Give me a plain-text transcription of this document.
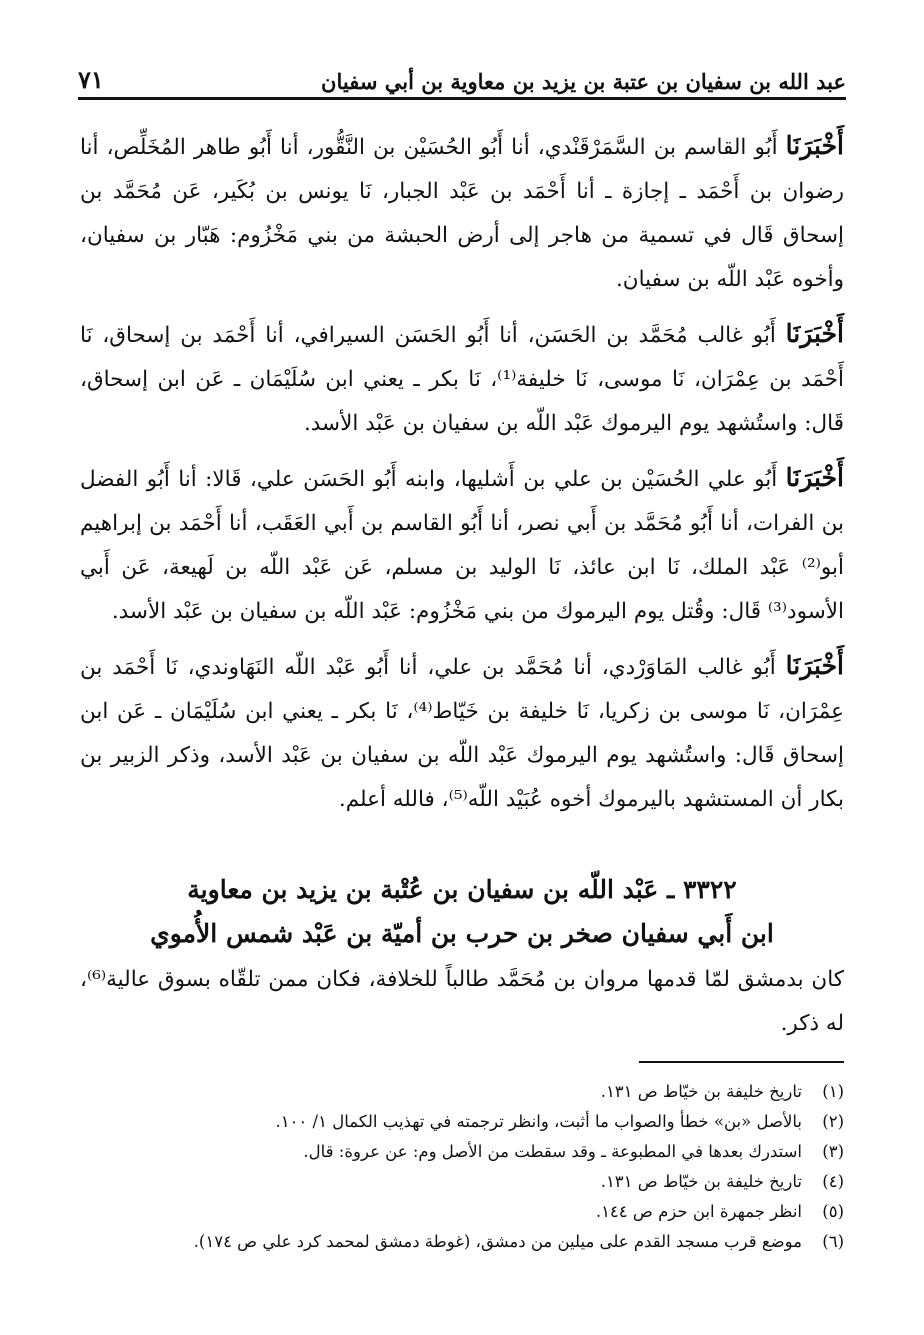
عبد الله بن سفيان بن عتبة بن يزيد بن معاوية بن أبي سفيان
٧١

أَخْبَرَنَا أَبُو القاسم بن السَّمَرْقَنْدي، أنا أَبُو الحُسَيْن بن النَّقُّور، أنا أَبُو طاهر المُخَلِّص، أنا رضوان بن أَحْمَد ـ إجازة ـ أنا أَحْمَد بن عَبْد الجبار، نَا يونس بن بُكَير، عَن مُحَمَّد بن إسحاق قَال في تسمية من هاجر إلى أرض الحبشة من بني مَخْزُوم: هَبّار بن سفيان، وأخوه عَبْد اللّه بن سفيان.

أَخْبَرَنَا أَبُو غالب مُحَمَّد بن الحَسَن، أنا أَبُو الحَسَن السيرافي، أنا أَحْمَد بن إسحاق، نَا أَحْمَد بن عِمْرَان، نَا موسى، نَا خليفة⁽¹⁾، نَا بكر ـ يعني ابن سُلَيْمَان ـ عَن ابن إسحاق، قَال: واستُشهد يوم اليرموك عَبْد اللّه بن سفيان بن عَبْد الأسد.

أَخْبَرَنَا أَبُو علي الحُسَيْن بن علي بن أَشليها، وابنه أَبُو الحَسَن علي، قَالا: أنا أَبُو الفضل بن الفرات، أنا أَبُو مُحَمَّد بن أَبي نصر، أنا أَبُو القاسم بن أَبي العَقَب، أنا أَحْمَد بن إبراهيم أبو⁽²⁾ عَبْد الملك، نَا ابن عائذ، نَا الوليد بن مسلم، عَن عَبْد اللّه بن لَهيعة، عَن أَبي الأسود⁽³⁾ قَال: وقُتل يوم اليرموك من بني مَخْزُوم: عَبْد اللّه بن سفيان بن عَبْد الأسد.

أَخْبَرَنَا أَبُو غالب المَاوَرْدي، أنا مُحَمَّد بن علي، أنا أَبُو عَبْد اللّه النَهَاوندي، نَا أَحْمَد بن عِمْرَان، نَا موسى بن زكريا، نَا خليفة بن خَيّاط⁽⁴⁾، نَا بكر ـ يعني ابن سُلَيْمَان ـ عَن ابن إسحاق قَال: واستُشهد يوم اليرموك عَبْد اللّه بن سفيان بن عَبْد الأسد، وذكر الزبير بن بكار أن المستشهد باليرموك أخوه عُبَيْد اللّه⁽⁵⁾، فالله أعلم.

٣٣٢٢ ـ عَبْد اللّه بن سفيان بن عُتْبة بن يزيد بن معاوية
ابن أَبي سفيان صخر بن حرب بن أميّة بن عَبْد شمس الأُموي
كان بدمشق لمّا قدمها مروان بن مُحَمَّد طالباً للخلافة، فكان ممن تلقّاه بسوق عالية⁽⁶⁾، له ذكر.
(١)
تاريخ خليفة بن خيّاط ص ١٣١.
(٢)
بالأصل «بن» خطأ والصواب ما أثبت، وانظر ترجمته في تهذيب الكمال ١/ ١٠٠.
(٣)
استدرك بعدها في المطبوعة ـ وقد سقطت من الأصل وم: عن عروة: قال.
(٤)
تاريخ خليفة بن خيّاط ص ١٣١.
(٥)
انظر جمهرة ابن حزم ص ١٤٤.
(٦)
موضع قرب مسجد القدم على ميلين من دمشق، (غوطة دمشق لمحمد كرد علي ص ١٧٤).
